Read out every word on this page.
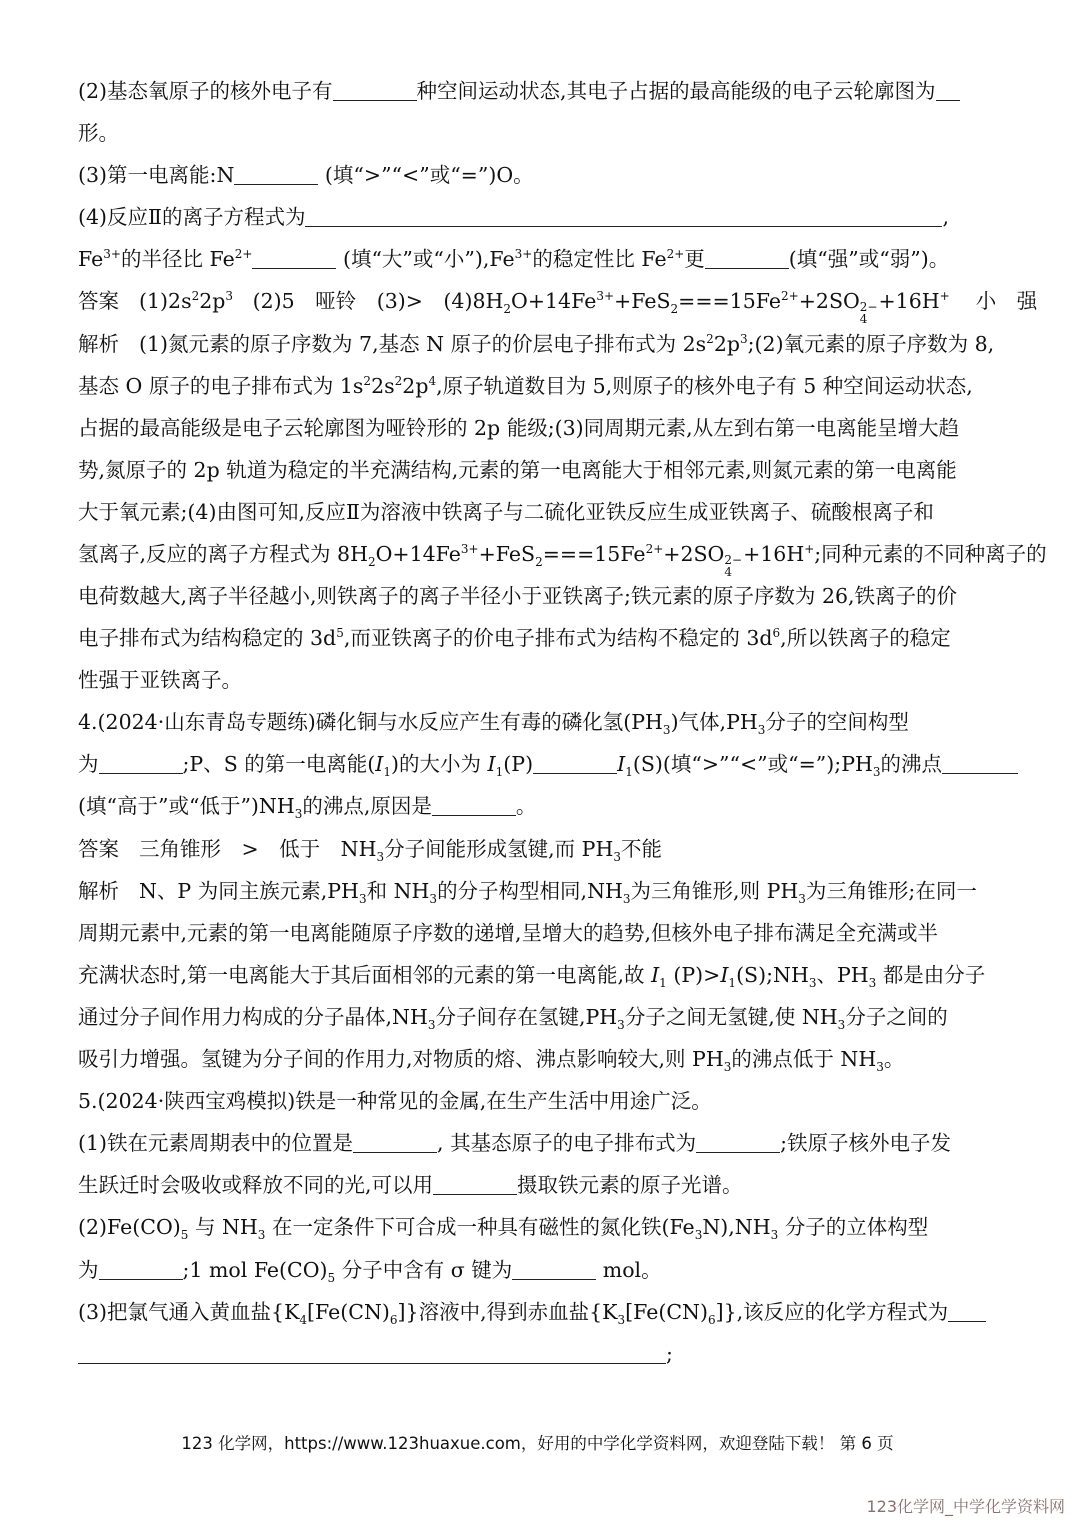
(2)基态氧原子的核外电子有	种空间运动状态,其电子占据的最高能级的电子云轮廓图为
形。
(3)第一电离能:N	(填“>”“<”或“=”)O。
(4)反应Ⅱ的离子方程式为	,
$Fe^{3+}$的半径比 $Fe^{2+}$	(填“大”或“小$”),Fe^{3+}$的稳定性比 $Fe^{2+}$更	(填“强”或“弱”)。
答案 $(1)2s^22p^3$ (2)5　哑铃　(3)>　$(4)8H_2O+14Fe^{3+}+FeS_2===15Fe^{2+}+2SO$ 2−
4
+16H+ 小　强
解析 (1)氮元素的原子序数为 7,基态 N 原子的价层电子排布式为 $2s^22p^3;(2)$氧元素的原子序数为 8,
基态 O 原子的电子排布式为 $1s^22s^22p^4$,原子轨道数目为 5,则原子的核外电子有 5 种空间运动状态,
占据的最高能级是电子云轮廓图为哑铃形的 2p 能级;(3)同周期元素,从左到右第一电离能呈增大趋
势,氮原子的 2p 轨道为稳定的半充满结构,元素的第一电离能大于相邻元素,则氮元素的第一电离能
大于氧元素;(4)由图可知,反应Ⅱ为溶液中铁离子与二硫化亚铁反应生成亚铁离子、硫酸根离子和
氢离子,反应的离子方程式为 $8H_2O+14Fe^{3+}+FeS_2===15Fe^{2+}+2SO$ 2−
4
+16H+;同种元素的不同种离子的
电荷数越大,离子半径越小,则铁离子的离子半径小于亚铁离子;铁元素的原子序数为 26,铁离子的价
电子排布式为结构稳定的 $3d^5$,而亚铁离子的价电子排布式为结构不稳定的 $3d^6$,所以铁离子的稳定
性强于亚铁离子。
4.(2024·山东青岛专题练)磷化铜与水反应产生有毒的磷化氢$(PH_3)$气体$,PH_3$分子的空间构型
为	;P、S 的第一电离能$(I_1)$的大小为 $I_1(P)$	$I_1(S)$(填“>”“<”或“$=”);PH_3$的沸点
(填“高于”或“低于$”)NH_3$的沸点,原因是	。
答案 三角锥形　>　低于　$NH_3$分子间能形成氢键,而 $PH_3$不能
解析 N、P 为同主族元素$,PH_3$和 $NH_3$的分子构型相同$,NH_3$为三角锥形,则 $PH_3$为三角锥形;在同一
周期元素中,元素的第一电离能随原子序数的递增,呈增大的趋势,但核外电子排布满足全充满或半
充满状态时,第一电离能大于其后面相邻的元素的第一电离能,故 $I_1$ $(P)>I_1(S);NH_3$、$PH_3$ 都是由分子
通过分子间作用力构成的分子晶体$,NH_3$分子间存在氢键$,PH_3$分子之间无氢键,使 $NH_3$分子之间的
吸引力增强。氢键为分子间的作用力,对物质的熔、沸点影响较大,则 $PH_3$的沸点低于 $NH_3$。
5.(2024·陕西宝鸡模拟)铁是一种常见的金属,在生产生活中用途广泛。
(1)铁在元素周期表中的位置是	, 其基态原子的电子排布式为	;铁原子核外电子发
生跃迁时会吸收或释放不同的光,可以用	摄取铁元素的原子光谱。
$(2)Fe(CO)_5$ 与 $NH_3$ 在一定条件下可合成一种具有磁性的氮化铁$(Fe_3N),NH_3$ 分子的立体构型
为	;1 mol $Fe(CO)_5$ 分子中含有 σ 键为	mol。
(3)把氯气通入黄血盐$\{K_4[Fe(CN)_6]\}$溶液中,得到赤血盐$\{K_3[Fe(CN)_6]\}$,该反应的化学方程式为
;
123 化学网，https://www.123huaxue.com，好用的中学化学资料网，欢迎登陆下载！ 第 6 页
123化学网_中学化学资料网
